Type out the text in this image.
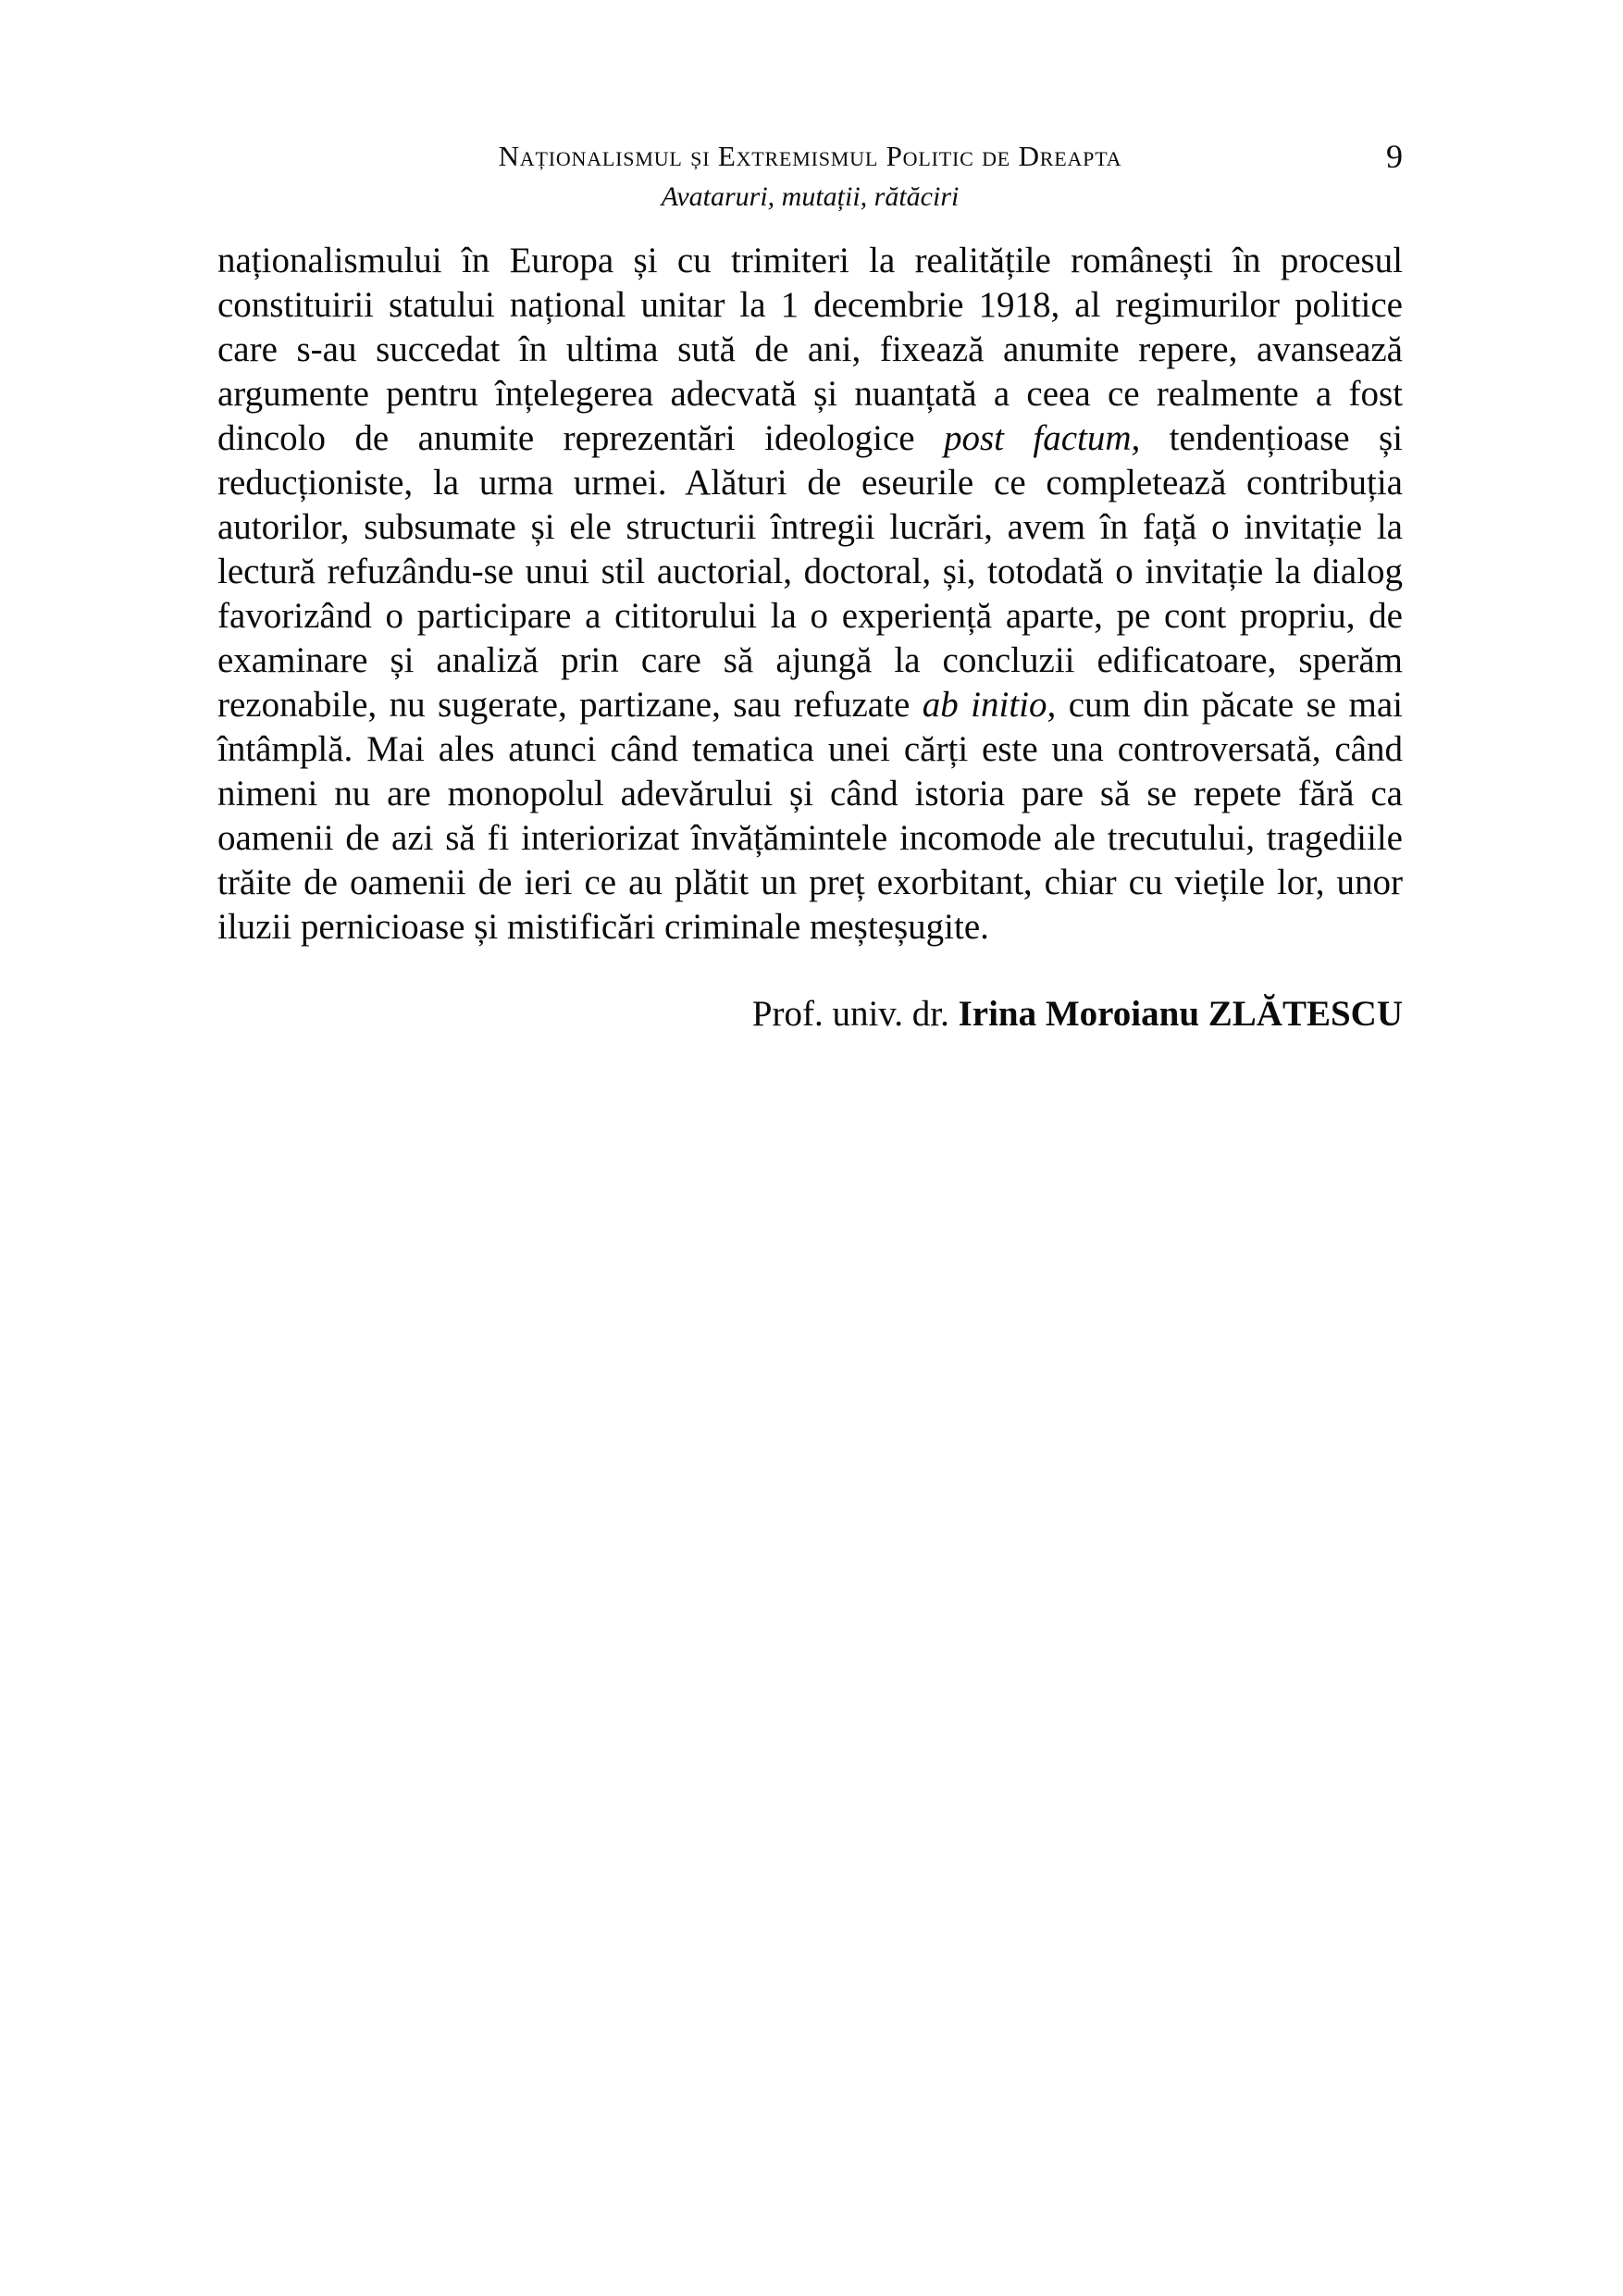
Naționalismul și Extremismul Politic de Dreapta	9
Avataruri, mutații, rătăciri

naționalismului în Europa și cu trimiteri la realitățile românești în procesul constituirii statului național unitar la 1 decembrie 1918, al regimurilor politice care s-au succedat în ultima sută de ani, fixează anumite repere, avansează argumente pentru înțelegerea adecvată și nuanțată a ceea ce realmente a fost dincolo de anumite reprezentări ideologice post factum, tendențioase și reducționiste, la urma urmei. Alături de eseurile ce completează contribuția autorilor, subsumate și ele structurii întregii lucrări, avem în față o invitație la lectură refuzându-se unui stil auctorial, doctoral, și, totodată o invitație la dialog favorizând o participare a cititorului la o experiență aparte, pe cont propriu, de examinare și analiză prin care să ajungă la concluzii edificatoare, sperăm rezonabile, nu sugerate, partizane, sau refuzate ab initio, cum din păcate se mai întâmplă. Mai ales atunci când tematica unei cărți este una controversată, când nimeni nu are monopolul adevărului și când istoria pare să se repete fără ca oamenii de azi să fi interiorizat învățămintele incomode ale trecutului, tragediile trăite de oamenii de ieri ce au plătit un preț exorbitant, chiar cu viețile lor, unor iluzii pernicioase și mistificări criminale meșteșugite.

Prof. univ. dr. Irina Moroianu ZLĂTESCU
